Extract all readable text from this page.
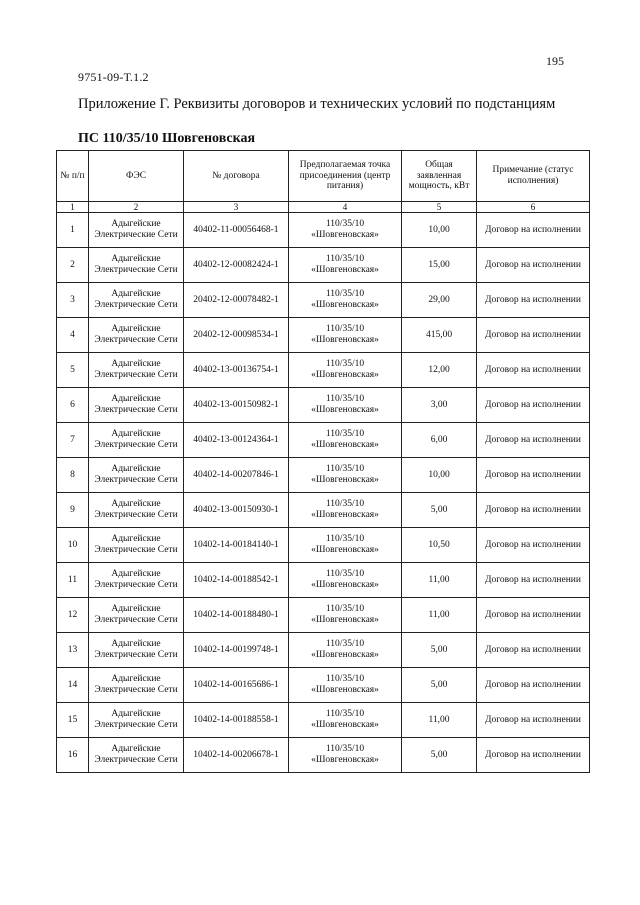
195
9751-09-Т.1.2
Приложение Г. Реквизиты договоров и технических условий по подстанциям
ПС 110/35/10 Шовгеновская
№ п/п	ФЭС	№ договора	Предполагаемая точка присоединения (центр питания)	Общая заявленная мощность, кВт	Примечание (статус исполнения)
1	2	3	4	5	6
1	Адыгейские Электрические Сети	40402-11-00056468-1	110/35/10 «Шовгеновская»	10,00	Договор на исполнении
2	Адыгейские Электрические Сети	40402-12-00082424-1	110/35/10 «Шовгеновская»	15,00	Договор на исполнении
3	Адыгейские Электрические Сети	20402-12-00078482-1	110/35/10 «Шовгеновская»	29,00	Договор на исполнении
4	Адыгейские Электрические Сети	20402-12-00098534-1	110/35/10 «Шовгеновская»	415,00	Договор на исполнении
5	Адыгейские Электрические Сети	40402-13-00136754-1	110/35/10 «Шовгеновская»	12,00	Договор на исполнении
6	Адыгейские Электрические Сети	40402-13-00150982-1	110/35/10 «Шовгеновская»	3,00	Договор на исполнении
7	Адыгейские Электрические Сети	40402-13-00124364-1	110/35/10 «Шовгеновская»	6,00	Договор на исполнении
8	Адыгейские Электрические Сети	40402-14-00207846-1	110/35/10 «Шовгеновская»	10,00	Договор на исполнении
9	Адыгейские Электрические Сети	40402-13-00150930-1	110/35/10 «Шовгеновская»	5,00	Договор на исполнении
10	Адыгейские Электрические Сети	10402-14-00184140-1	110/35/10 «Шовгеновская»	10,50	Договор на исполнении
11	Адыгейские Электрические Сети	10402-14-00188542-1	110/35/10 «Шовгеновская»	11,00	Договор на исполнении
12	Адыгейские Электрические Сети	10402-14-00188480-1	110/35/10 «Шовгеновская»	11,00	Договор на исполнении
13	Адыгейские Электрические Сети	10402-14-00199748-1	110/35/10 «Шовгеновская»	5,00	Договор на исполнении
14	Адыгейские Электрические Сети	10402-14-00165686-1	110/35/10 «Шовгеновская»	5,00	Договор на исполнении
15	Адыгейские Электрические Сети	10402-14-00188558-1	110/35/10 «Шовгеновская»	11,00	Договор на исполнении
16	Адыгейские Электрические Сети	10402-14-00206678-1	110/35/10 «Шовгеновская»	5,00	Договор на исполнении
